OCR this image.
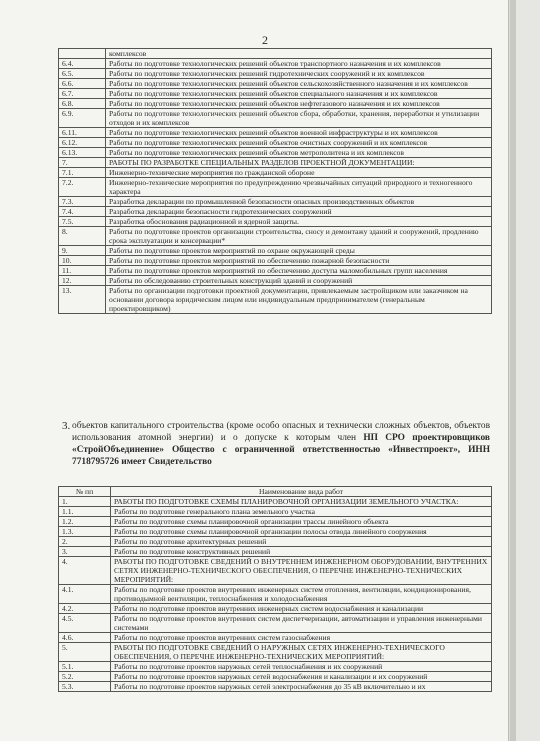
2
	комплексов
6.4.	Работы по подготовке технологических решений объектов транспортного назначения и их комплексов
6.5.	Работы по подготовке технологических решений гидротехнических сооружений и их комплексов
6.6.	Работы по подготовке технологических решений объектов сельскохозяйственного назначения и их комплексов
6.7.	Работы по подготовке технологических решений объектов специального назначения и их комплексов
6.8.	Работы по подготовке технологических решений объектов нефтегазового назначения и их комплексов
6.9.	Работы по подготовке технологических решений объектов сбора, обработки, хранения, переработки и утилизации отходов и их комплексов
6.11.	Работы по подготовке технологических решений объектов военной инфраструктуры и их комплексов
6.12.	Работы по подготовке технологических решений объектов очистных сооружений и их комплексов
6.13.	Работы по подготовке технологических решений объектов метрополитена и их комплексов
7.	РАБОТЫ ПО РАЗРАБОТКЕ СПЕЦИАЛЬНЫХ РАЗДЕЛОВ ПРОЕКТНОЙ ДОКУМЕНТАЦИИ:
7.1.	Инженерно-технические мероприятия по гражданской обороне
7.2.	Инженерно-технические мероприятия по предупреждению чрезвычайных ситуаций природного и техногенного характера
7.3.	Разработка декларации по промышленной безопасности опасных производственных объектов
7.4.	Разработка декларации безопасности гидротехнических сооружений
7.5.	Разработка обоснования радиационной и ядерной защиты.
8.	Работы по подготовке проектов организации строительства, сносу и демонтажу зданий и сооружений, продлению срока эксплуатации и консервации*
9.	Работы по подготовке проектов мероприятий по охране окружающей среды
10.	Работы по подготовке проектов мероприятий по обеспечению пожарной безопасности
11.	Работы по подготовке проектов мероприятий по обеспечению доступа маломобильных групп населения
12.	Работы по обследованию строительных конструкций зданий и сооружений
13.	Работы по организации подготовки проектной документации, привлекаемым застройщиком или заказчиком на основании договора юридическим лицом или индивидуальным предпринимателем (генеральным проектировщиком)
3. объектов капитального строительства (кроме особо опасных и технически сложных объектов, объектов использования атомной энергии) и о допуске к которым член НП СРО проектировщиков «СтройОбъединение» Общество с ограниченной ответственностью «Инвестпроект», ИНН 7718795726 имеет Свидетельство
№ пп	Наименование вида работ
1.	РАБОТЫ ПО ПОДГОТОВКЕ СХЕМЫ ПЛАНИРОВОЧНОЙ ОРГАНИЗАЦИИ ЗЕМЕЛЬНОГО УЧАСТКА:
1.1.	Работы по подготовке генерального плана земельного участка
1.2.	Работы по подготовке схемы планировочной организации трассы линейного объекта
1.3.	Работы по подготовке схемы планировочной организации полосы отвода линейного сооружения
2.	Работы по подготовке архитектурных решений
3.	Работы по подготовке конструктивных решений
4.	РАБОТЫ ПО ПОДГОТОВКЕ СВЕДЕНИЙ О ВНУТРЕННЕМ ИНЖЕНЕРНОМ ОБОРУДОВАНИИ, ВНУТРЕННИХ СЕТЯХ ИНЖЕНЕРНО-ТЕХНИЧЕСКОГО ОБЕСПЕЧЕНИЯ, О ПЕРЕЧНЕ ИНЖЕНЕРНО-ТЕХНИЧЕСКИХ МЕРОПРИЯТИЙ:
4.1.	Работы по подготовке проектов внутренних инженерных систем отопления, вентиляции, кондиционирования, противодымной вентиляции, теплоснабжения и холодоснабжения
4.2.	Работы по подготовке проектов внутренних инженерных систем водоснабжения и канализации
4.5.	Работы по подготовке проектов внутренних систем диспетчеризации, автоматизации и управления инженерными системами
4.6.	Работы по подготовке проектов внутренних систем газоснабжения
5.	РАБОТЫ ПО ПОДГОТОВКЕ СВЕДЕНИЙ О НАРУЖНЫХ СЕТЯХ ИНЖЕНЕРНО-ТЕХНИЧЕСКОГО ОБЕСПЕЧЕНИЯ, О ПЕРЕЧНЕ ИНЖЕНЕРНО-ТЕХНИЧЕСКИХ МЕРОПРИЯТИЙ:
5.1.	Работы по подготовке проектов наружных сетей теплоснабжения и их сооружений
5.2.	Работы по подготовке проектов наружных сетей водоснабжения и канализации и их сооружений
5.3.	Работы по подготовке проектов наружных сетей электроснабжения до 35 кВ включительно и их
